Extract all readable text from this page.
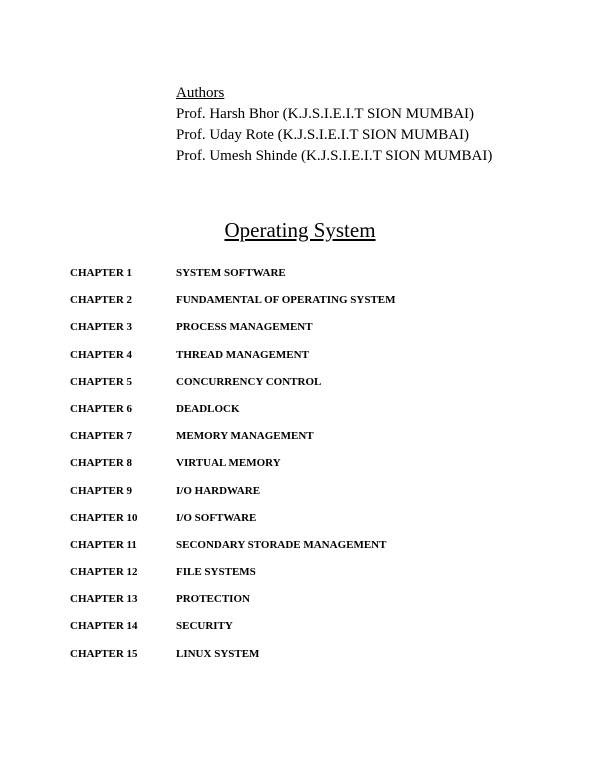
Authors
Prof. Harsh Bhor (K.J.S.I.E.I.T SION MUMBAI)
Prof. Uday Rote (K.J.S.I.E.I.T SION MUMBAI)
Prof. Umesh Shinde (K.J.S.I.E.I.T SION MUMBAI)
Operating System
CHAPTER 1	SYSTEM SOFTWARE
CHAPTER 2	FUNDAMENTAL OF OPERATING SYSTEM
CHAPTER 3	PROCESS MANAGEMENT
CHAPTER 4	THREAD MANAGEMENT
CHAPTER 5	CONCURRENCY CONTROL
CHAPTER 6	DEADLOCK
CHAPTER 7	MEMORY MANAGEMENT
CHAPTER 8	VIRTUAL MEMORY
CHAPTER 9	I/O HARDWARE
CHAPTER 10	I/O SOFTWARE
CHAPTER 11	SECONDARY STORADE MANAGEMENT
CHAPTER 12	FILE SYSTEMS
CHAPTER 13	PROTECTION
CHAPTER 14	SECURITY
CHAPTER 15	LINUX SYSTEM
